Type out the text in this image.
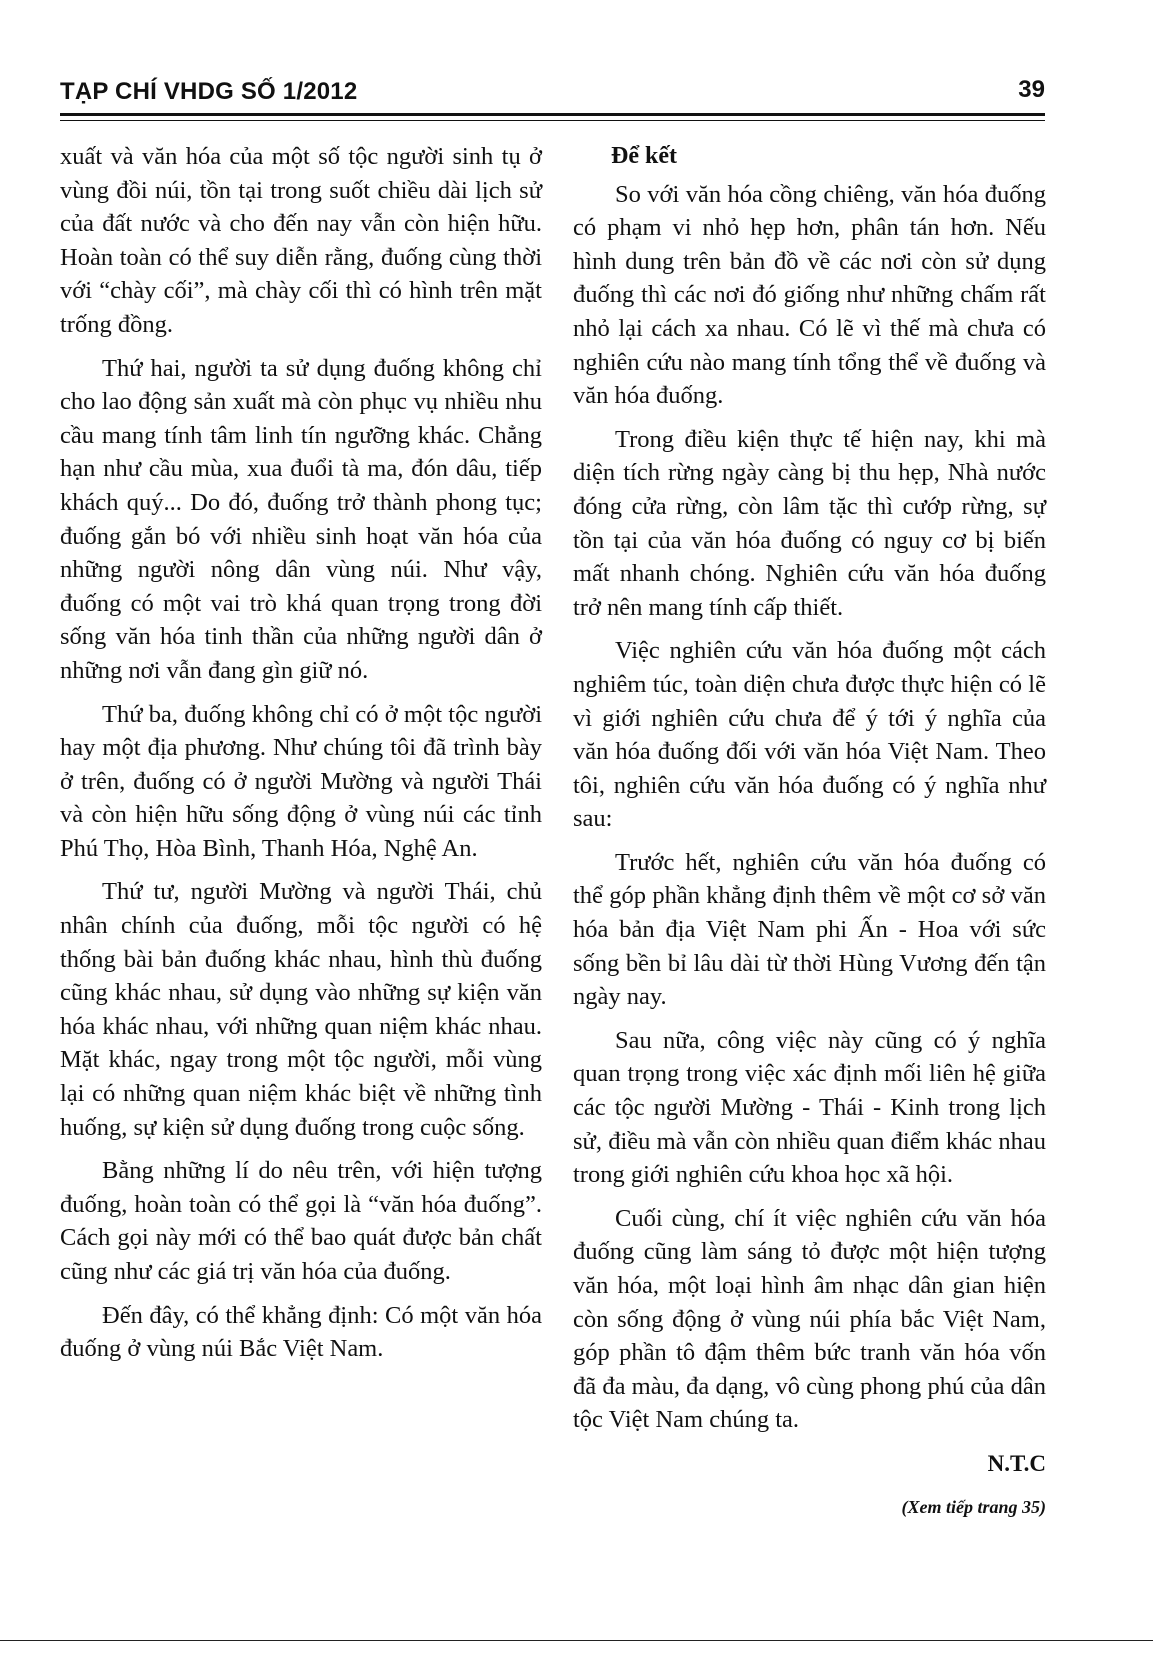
TẠP CHÍ VHDG SỐ 1/2012	39

xuất và văn hóa của một số tộc người sinh tụ ở vùng đồi núi, tồn tại trong suốt chiều dài lịch sử của đất nước và cho đến nay vẫn còn hiện hữu. Hoàn toàn có thể suy diễn rằng, đuống cùng thời với “chày cối”, mà chày cối thì có hình trên mặt trống đồng.

Thứ hai, người ta sử dụng đuống không chỉ cho lao động sản xuất mà còn phục vụ nhiều nhu cầu mang tính tâm linh tín ngưỡng khác. Chẳng hạn như cầu mùa, xua đuổi tà ma, đón dâu, tiếp khách quý... Do đó, đuống trở thành phong tục; đuống gắn bó với nhiều sinh hoạt văn hóa của những người nông dân vùng núi. Như vậy, đuống có một vai trò khá quan trọng trong đời sống văn hóa tinh thần của những người dân ở những nơi vẫn đang gìn giữ nó.

Thứ ba, đuống không chỉ có ở một tộc người hay một địa phương. Như chúng tôi đã trình bày ở trên, đuống có ở người Mường và người Thái và còn hiện hữu sống động ở vùng núi các tỉnh Phú Thọ, Hòa Bình, Thanh Hóa, Nghệ An.

Thứ tư, người Mường và người Thái, chủ nhân chính của đuống, mỗi tộc người có hệ thống bài bản đuống khác nhau, hình thù đuống cũng khác nhau, sử dụng vào những sự kiện văn hóa khác nhau, với những quan niệm khác nhau. Mặt khác, ngay trong một tộc người, mỗi vùng lại có những quan niệm khác biệt về những tình huống, sự kiện sử dụng đuống trong cuộc sống.

Bằng những lí do nêu trên, với hiện tượng đuống, hoàn toàn có thể gọi là “văn hóa đuống”. Cách gọi này mới có thể bao quát được bản chất cũng như các giá trị văn hóa của đuống.

Đến đây, có thể khẳng định: Có một văn hóa đuống ở vùng núi Bắc Việt Nam.

Để kết

So với văn hóa cồng chiêng, văn hóa đuống có phạm vi nhỏ hẹp hơn, phân tán hơn. Nếu hình dung trên bản đồ về các nơi còn sử dụng đuống thì các nơi đó giống như những chấm rất nhỏ lại cách xa nhau. Có lẽ vì thế mà chưa có nghiên cứu nào mang tính tổng thể về đuống và văn hóa đuống.

Trong điều kiện thực tế hiện nay, khi mà diện tích rừng ngày càng bị thu hẹp, Nhà nước đóng cửa rừng, còn lâm tặc thì cướp rừng, sự tồn tại của văn hóa đuống có nguy cơ bị biến mất nhanh chóng. Nghiên cứu văn hóa đuống trở nên mang tính cấp thiết.

Việc nghiên cứu văn hóa đuống một cách nghiêm túc, toàn diện chưa được thực hiện có lẽ vì giới nghiên cứu chưa để ý tới ý nghĩa của văn hóa đuống đối với văn hóa Việt Nam. Theo tôi, nghiên cứu văn hóa đuống có ý nghĩa như sau:

Trước hết, nghiên cứu văn hóa đuống có thể góp phần khẳng định thêm về một cơ sở văn hóa bản địa Việt Nam phi Ấn - Hoa với sức sống bền bỉ lâu dài từ thời Hùng Vương đến tận ngày nay.

Sau nữa, công việc này cũng có ý nghĩa quan trọng trong việc xác định mối liên hệ giữa các tộc người Mường - Thái - Kinh trong lịch sử, điều mà vẫn còn nhiều quan điểm khác nhau trong giới nghiên cứu khoa học xã hội.

Cuối cùng, chí ít việc nghiên cứu văn hóa đuống cũng làm sáng tỏ được một hiện tượng văn hóa, một loại hình âm nhạc dân gian hiện còn sống động ở vùng núi phía bắc Việt Nam, góp phần tô đậm thêm bức tranh văn hóa vốn đã đa màu, đa dạng, vô cùng phong phú của dân tộc Việt Nam chúng ta.

N.T.C
(Xem tiếp trang 35)
